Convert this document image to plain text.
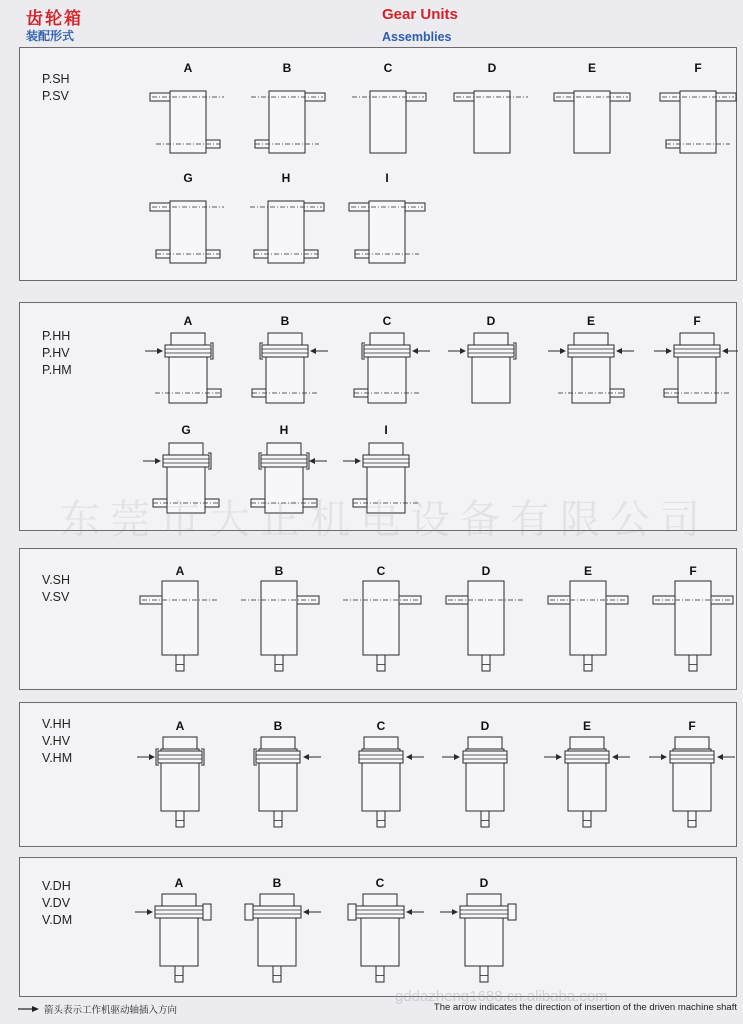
齿轮箱
装配形式
Gear Units
Assemblies
P.SH
P.SV
A	B	C	D	E	F
G	H	I
P.HH
P.HV
P.HM
A	B	C	D	E	F
G	H	I
V.SH
V.SV
A	B	C	D	E	F
V.HH
V.HV
V.HM
A	B	C	D	E	F
V.DH
V.DV
V.DM
A	B	C	D
gddazheng1688.cn.alibaba.com
箭头表示工作机驱动轴插入方向	The arrow indicates the direction of insertion of the driven machine shaft
